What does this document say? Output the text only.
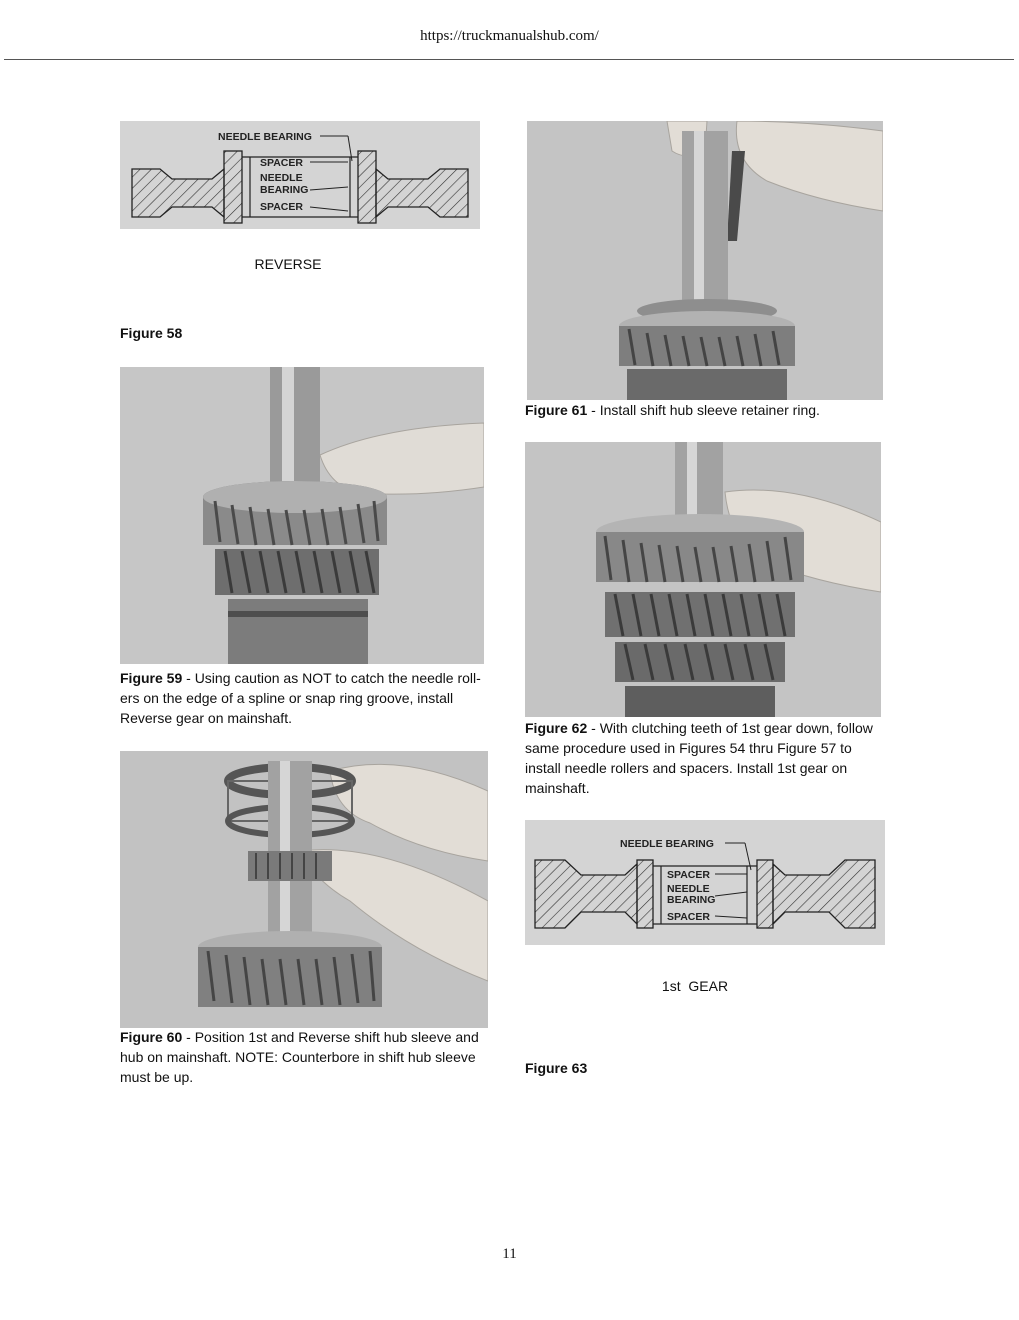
https://truckmanualshub.com/
NEEDLE BEARING
SPACER
NEEDLE
BEARING
SPACER
REVERSE
Figure 58
Figure 59 - Using caution as NOT to catch the needle roll-
ers on the edge of a spline or snap ring groove, install
Reverse gear on mainshaft.
Figure 60 - Position 1st and Reverse shift hub sleeve and
hub on mainshaft. NOTE: Counterbore in shift hub sleeve
must be up.
Figure 61 - Install shift hub sleeve retainer ring.
Figure 62 - With clutching teeth of 1st gear down, follow
same procedure used in Figures 54 thru Figure 57 to
install needle rollers and spacers. Install 1st gear on
mainshaft.
NEEDLE BEARING
SPACER
NEEDLE
BEARING
SPACER
1st  GEAR
Figure 63
11
